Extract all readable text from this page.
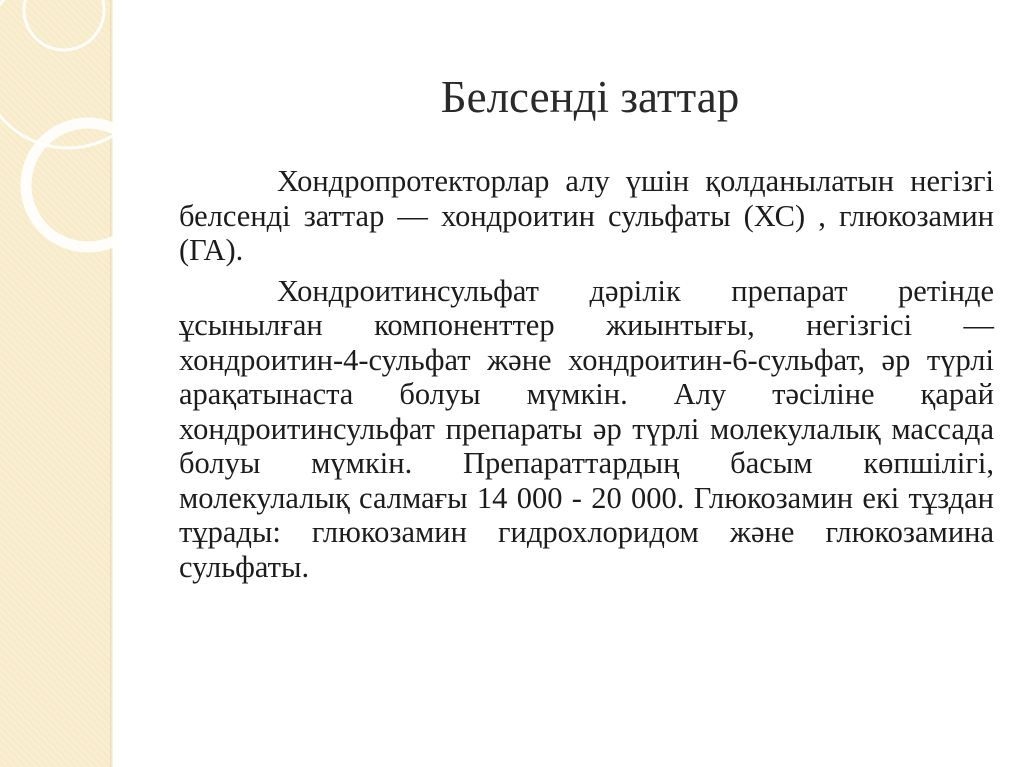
Белсенді заттар

Хондропротекторлар алу үшін қолданылатын негізгі белсенді заттар — хондроитин сульфаты (ХС) , глюкозамин (ГА).

Хондроитинсульфат дәрілік препарат ретінде ұсынылған компоненттер жиынтығы, негізгісі — хондроитин-4-сульфат және хондроитин-6-сульфат, әр түрлі арақатынаста болуы мүмкін. Алу тәсіліне қарай хондроитинсульфат препараты әр түрлі молекулалық массада болуы мүмкін. Препараттардың басым көпшілігі, молекулалық салмағы 14 000 - 20 000. Глюкозамин екі тұздан тұрады: глюкозамин гидрохлоридом және глюкозамина сульфаты.
